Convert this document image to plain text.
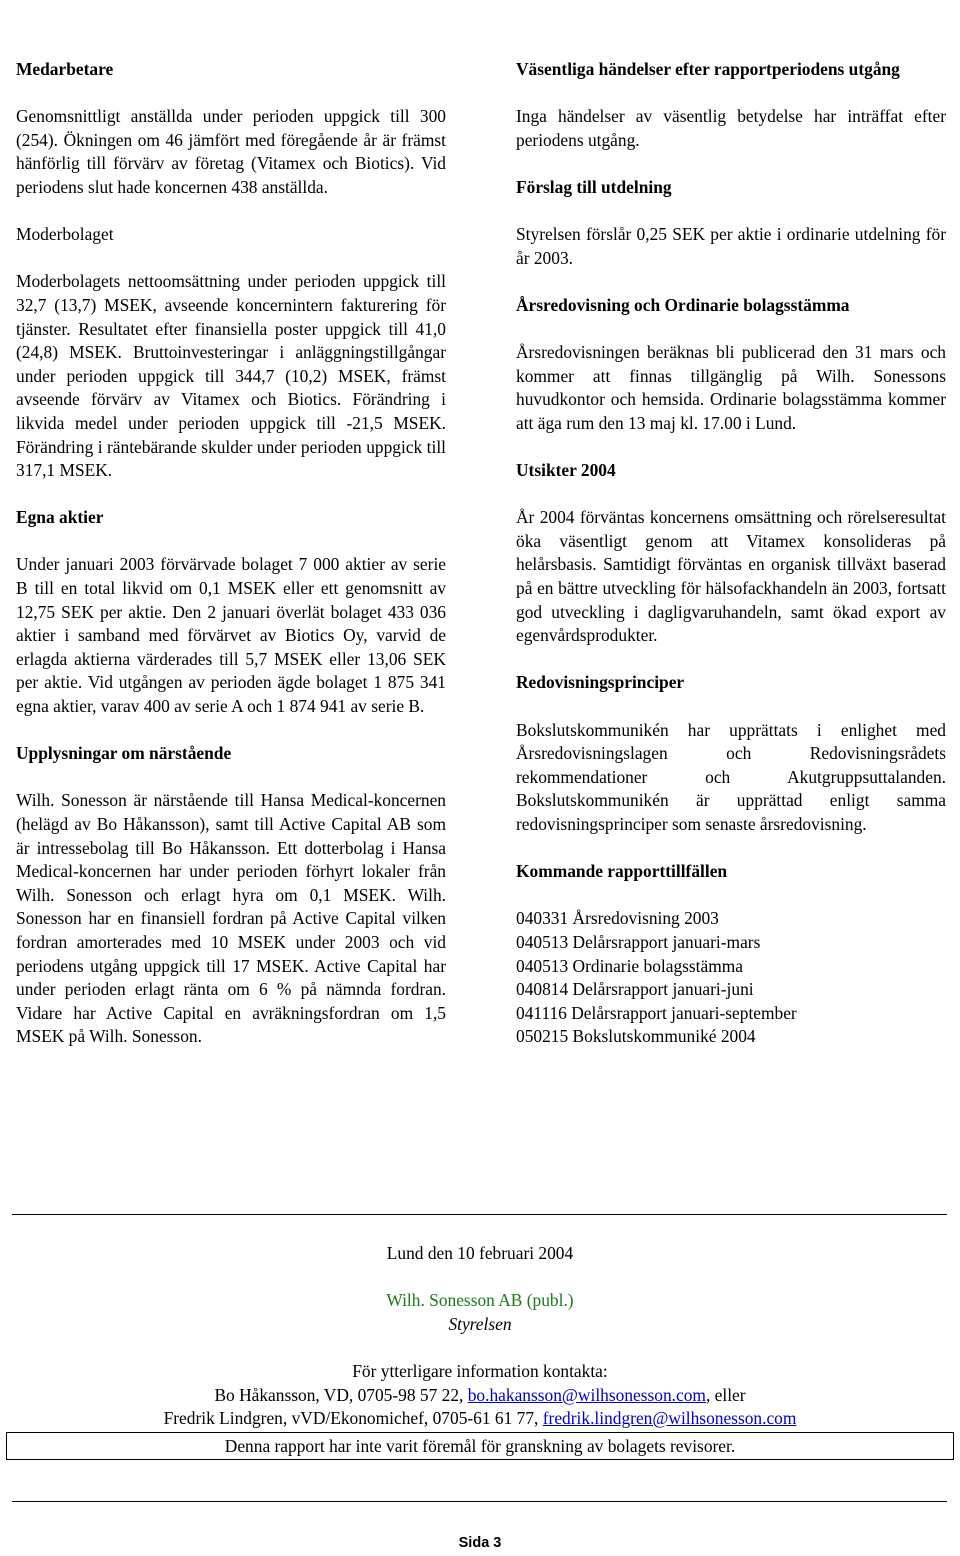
Medarbetare
Genomsnittligt anställda under perioden uppgick till 300 (254). Ökningen om 46 jämfört med föregående år är främst hänförlig till förvärv av företag (Vitamex och Biotics). Vid periodens slut hade koncernen 438 anställda.
Moderbolaget
Moderbolagets nettoomsättning under perioden uppgick till 32,7 (13,7) MSEK, avseende koncernintern fakturering för tjänster. Resultatet efter finansiella poster uppgick till 41,0 (24,8) MSEK. Bruttoinvesteringar i anläggningstillgångar under perioden uppgick till 344,7 (10,2) MSEK, främst avseende förvärv av Vitamex och Biotics. Förändring i likvida medel under perioden uppgick till -21,5 MSEK. Förändring i räntebärande skulder under perioden uppgick till 317,1 MSEK.
Egna aktier
Under januari 2003 förvärvade bolaget 7 000 aktier av serie B till en total likvid om 0,1 MSEK eller ett genomsnitt av 12,75 SEK per aktie. Den 2 januari överlät bolaget 433 036 aktier i samband med förvärvet av Biotics Oy, varvid de erlagda aktierna värderades till 5,7 MSEK eller 13,06 SEK per aktie. Vid utgången av perioden ägde bolaget 1 875 341 egna aktier, varav 400 av serie A och 1 874 941 av serie B.
Upplysningar om närstående
Wilh. Sonesson är närstående till Hansa Medical-koncernen (helägd av Bo Håkansson), samt till Active Capital AB som är intressebolag till Bo Håkansson. Ett dotterbolag i Hansa Medical-koncernen har under perioden förhyrt lokaler från Wilh. Sonesson och erlagt hyra om 0,1 MSEK. Wilh. Sonesson har en finansiell fordran på Active Capital vilken fordran amorterades med 10 MSEK under 2003 och vid periodens utgång uppgick till 17 MSEK. Active Capital har under perioden erlagt ränta om 6 % på nämnda fordran. Vidare har Active Capital en avräkningsfordran om 1,5 MSEK på Wilh. Sonesson.
Väsentliga händelser efter rapportperiodens utgång
Inga händelser av väsentlig betydelse har inträffat efter periodens utgång.
Förslag till utdelning
Styrelsen förslår 0,25 SEK per aktie i ordinarie utdelning för år 2003.
Årsredovisning och Ordinarie bolagsstämma
Årsredovisningen beräknas bli publicerad den 31 mars och kommer att finnas tillgänglig på Wilh. Sonessons huvudkontor och hemsida. Ordinarie bolagsstämma kommer att äga rum den 13 maj kl. 17.00 i Lund.
Utsikter 2004
År 2004 förväntas koncernens omsättning och rörelseresultat öka väsentligt genom att Vitamex konsolideras på helårsbasis. Samtidigt förväntas en organisk tillväxt baserad på en bättre utveckling för hälsofackhandeln än 2003, fortsatt god utveckling i dagligvaruhandeln, samt ökad export av egenvårdsprodukter.
Redovisningsprinciper
Bokslutskommunikén har upprättats i enlighet med Årsredovisningslagen och Redovisningsrådets rekommendationer och Akutgruppsuttalanden. Bokslutskommunikén är upprättad enligt samma redovisningsprinciper som senaste årsredovisning.
Kommande rapporttillfällen
040331 Årsredovisning 2003
040513 Delårsrapport januari-mars
040513 Ordinarie bolagsstämma
040814 Delårsrapport januari-juni
041116 Delårsrapport januari-september
050215 Bokslutskommuniké 2004
Lund den 10 februari 2004
Wilh. Sonesson AB (publ.)
Styrelsen
För ytterligare information kontakta:
Bo Håkansson, VD, 0705-98 57 22, bo.hakansson@wilhsonesson.com, eller
Fredrik Lindgren, vVD/Ekonomichef, 0705-61 61 77, fredrik.lindgren@wilhsonesson.com
Denna rapport har inte varit föremål för granskning av bolagets revisorer.
Sida 3
